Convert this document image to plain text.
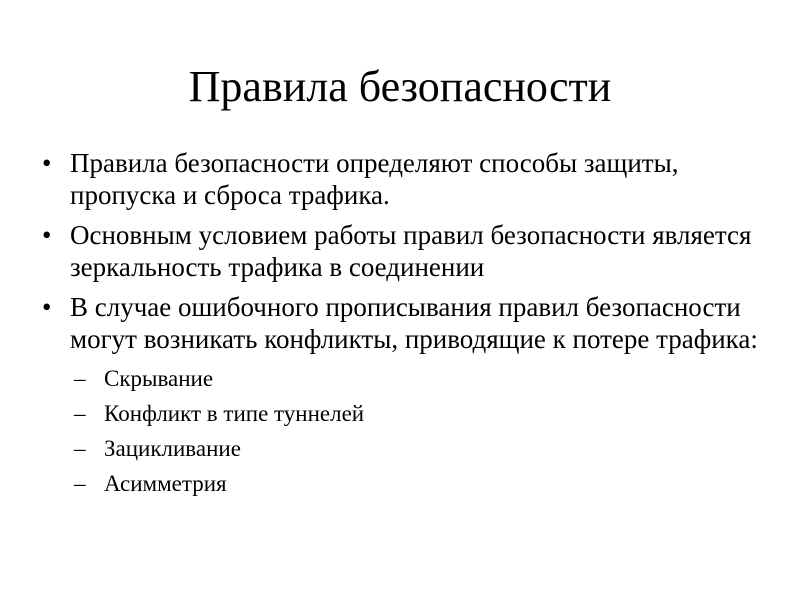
Правила безопасности
• Правила безопасности определяют способы защиты, пропуска и сброса трафика.
• Основным условием работы правил безопасности является зеркальность трафика в соединении
• В случае ошибочного прописывания правил безопасности могут возникать конфликты, приводящие к потере трафика:
– Скрывание
– Конфликт в типе туннелей
– Зацикливание
– Асимметрия
